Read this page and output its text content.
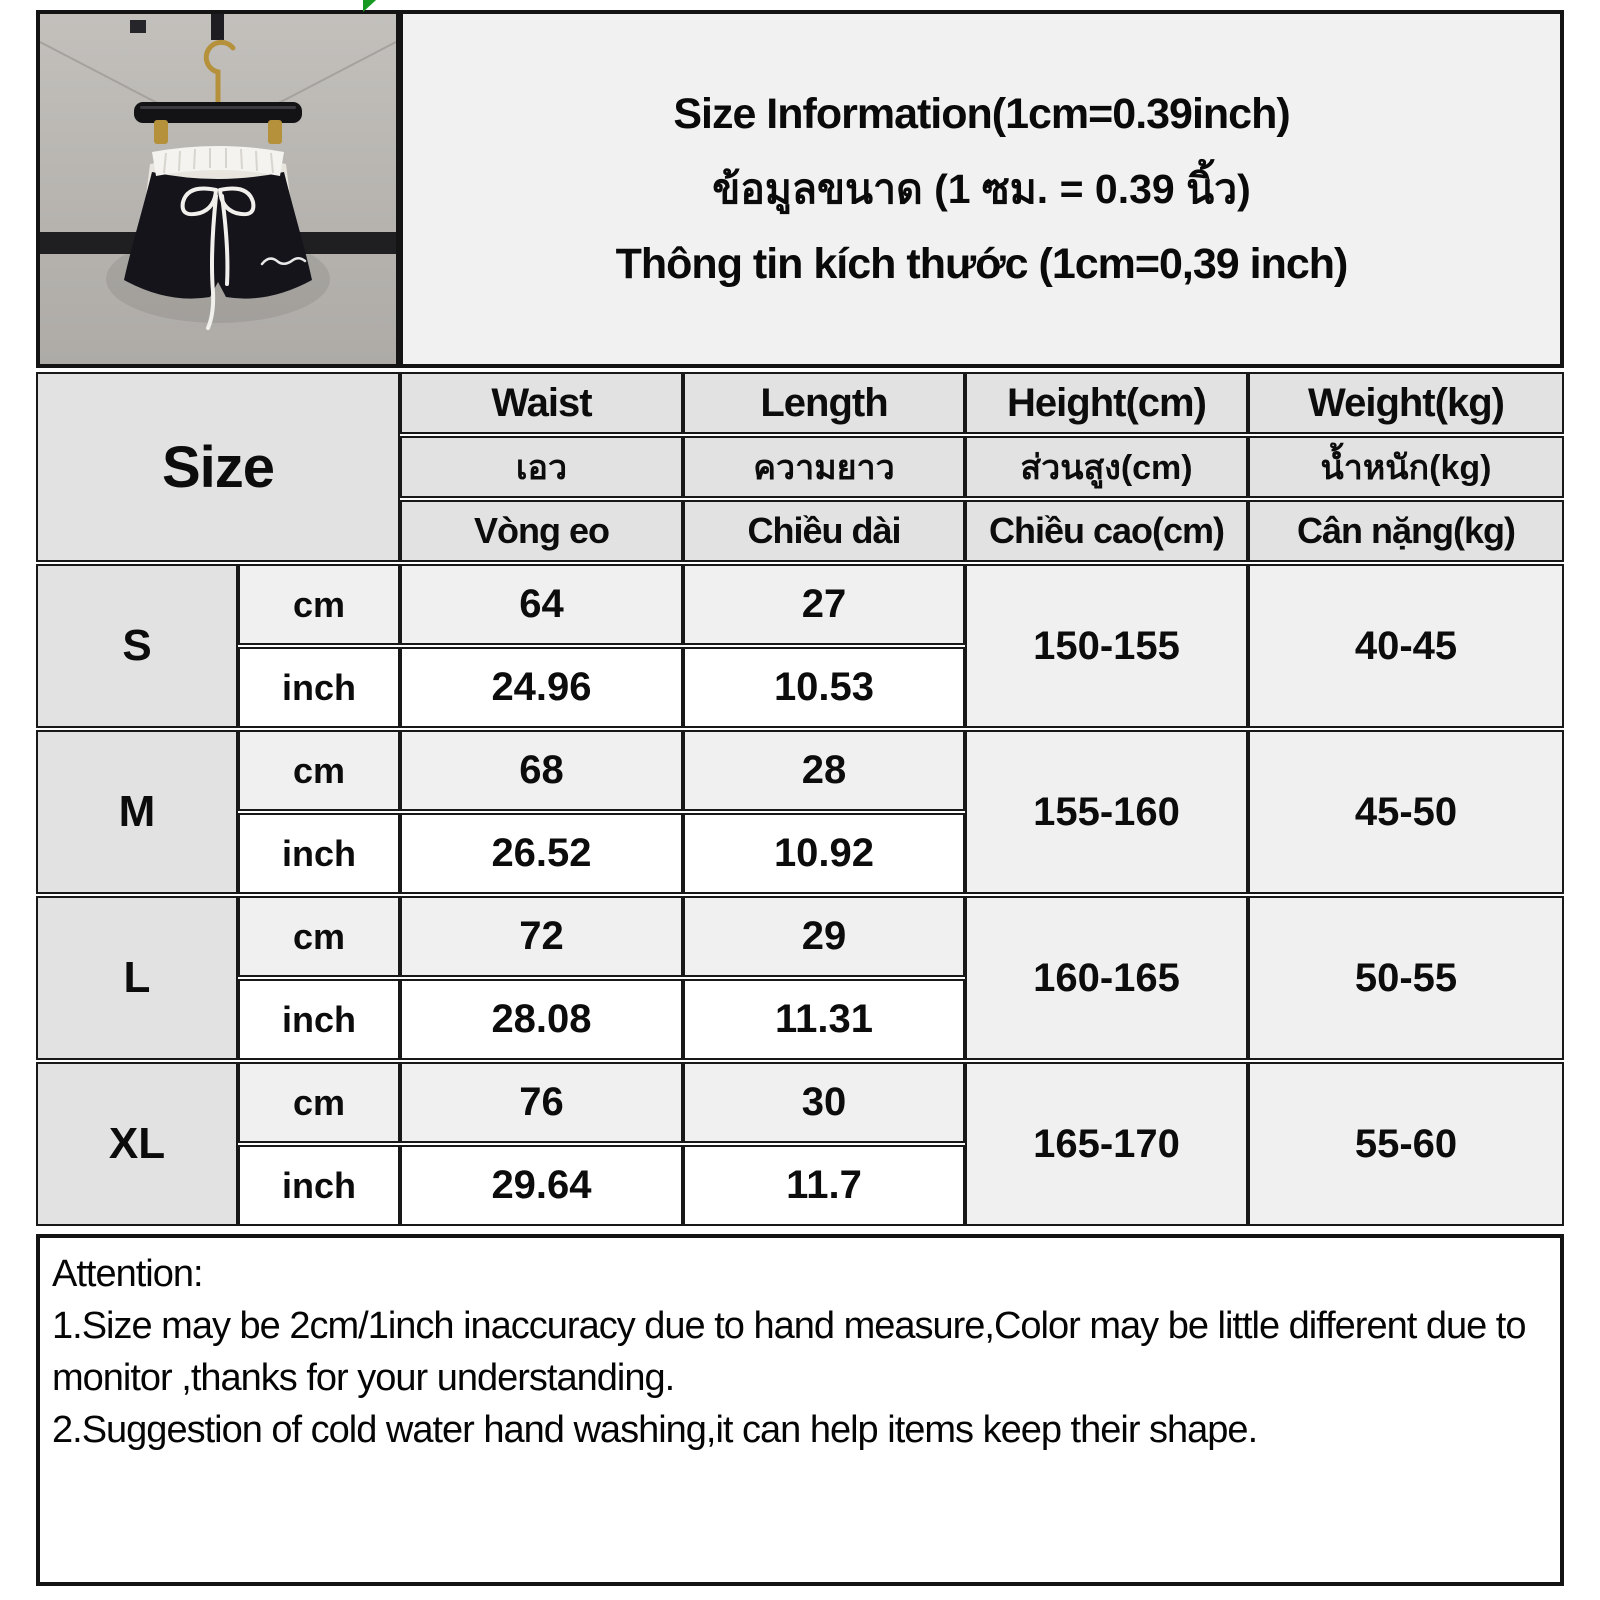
Size Information(1cm=0.39inch)
ข้อมูลขนาด (1 ซม. = 0.39 นิ้ว)
Thông tin kích thước (1cm=0,39 inch)
Size		Waist	Length	Height(cm)	Weight(kg)
		เอว	ความยาว	ส่วนสูง(cm)	น้ำหนัก(kg)
		Vòng eo	Chiều dài	Chiều cao(cm)	Cân nặng(kg)
S	cm	64	27	150-155	40-45
	inch	24.96	10.53		
M	cm	68	28	155-160	45-50
	inch	26.52	10.92		
L	cm	72	29	160-165	50-55
	inch	28.08	11.31		
XL	cm	76	30	165-170	55-60
	inch	29.64	11.7		
Attention:
1.Size may be 2cm/1inch inaccuracy due to hand measure,Color may be little different due to monitor ,thanks for your understanding.
2.Suggestion of cold water hand washing,it can help items keep their shape.
